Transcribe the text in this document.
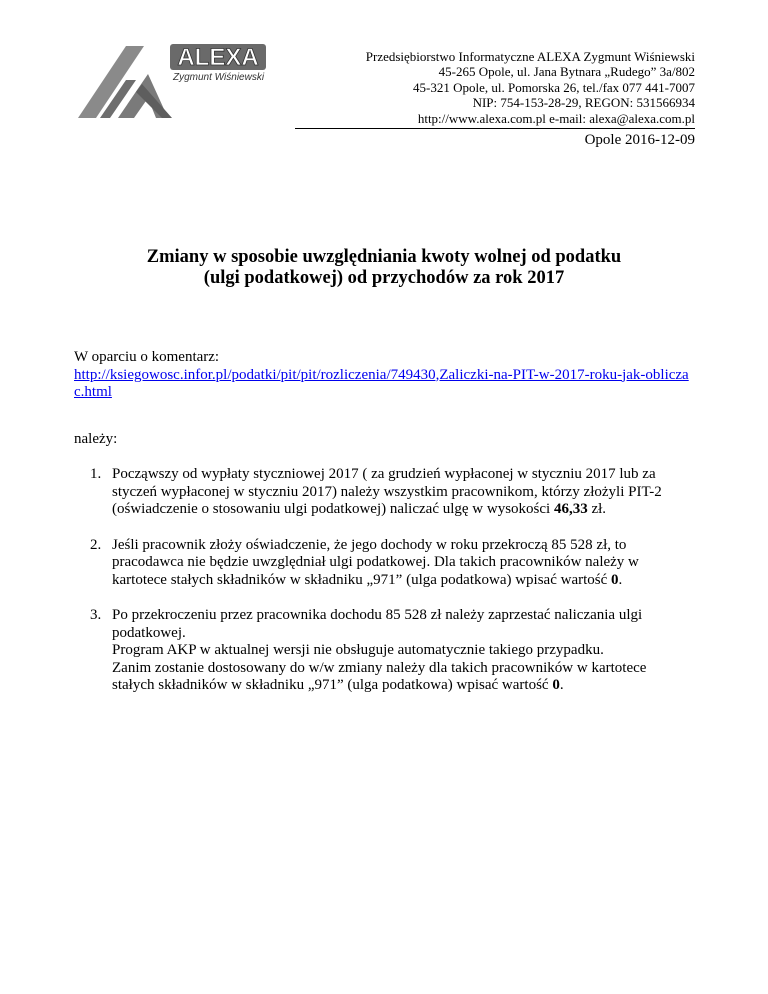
ALEXA
Zygmunt Wiśniewski
Przedsiębiorstwo Informatyczne ALEXA Zygmunt Wiśniewski
45-265 Opole, ul. Jana Bytnara „Rudego” 3a/802
45-321 Opole, ul. Pomorska 26, tel./fax 077 441-7007
NIP: 754-153-28-29, REGON: 531566934
http://www.alexa.com.pl e-mail: alexa@alexa.com.pl
Opole 2016-12-09
Zmiany w sposobie uwzględniania kwoty wolnej od podatku
(ulgi podatkowej) od przychodów za rok 2017
W oparciu o komentarz:
http://ksiegowosc.infor.pl/podatki/pit/pit/rozliczenia/749430,Zaliczki-na-PIT-w-2017-roku-jak-obliczac.html
należy:
1. Począwszy od wypłaty styczniowej 2017 ( za grudzień wypłaconej w styczniu 2017 lub za styczeń wypłaconej w styczniu 2017) należy wszystkim pracownikom, którzy złożyli PIT-2 (oświadczenie o stosowaniu ulgi podatkowej) naliczać ulgę w wysokości 46,33 zł.

2. Jeśli pracownik złoży oświadczenie, że jego dochody w roku przekroczą 85 528 zł, to pracodawca nie będzie uwzględniał ulgi podatkowej. Dla takich pracowników należy w kartotece stałych składników w składniku „971” (ulga podatkowa) wpisać wartość 0.

3. Po przekroczeniu przez pracownika dochodu 85 528 zł należy zaprzestać naliczania ulgi podatkowej.

Program AKP w aktualnej wersji nie obsługuje automatycznie takiego przypadku.

Zanim zostanie dostosowany do w/w zmiany należy dla takich pracowników w kartotece stałych składników w składniku „971” (ulga podatkowa) wpisać wartość 0.
